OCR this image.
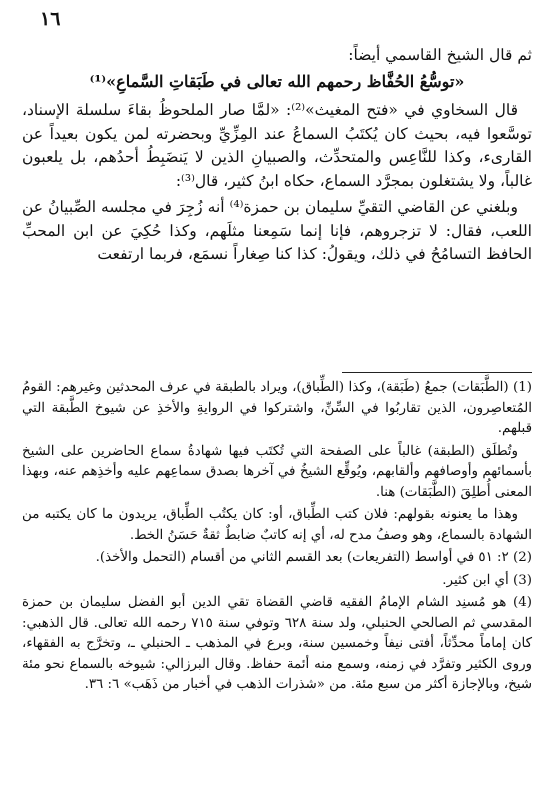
١٦

ثم قال الشيخ القاسمي أيضاً:

«توسُّعُ الحُفَّاظ رحمهم الله تعالى في طَبَقاتِ السَّماعِ»⁽¹⁾

قال السخاوي في «فتح المغيث»⁽²⁾: «لمَّا صار الملحوظُ بقاءَ سلسلة الإسناد، توسَّعوا فيه، بحيث كان يُكتَبُ السماعُ عند المِزِّيِّ وبحضرته لمن يكون بعيداً عن القارىء، وكذا للنَّاعِس والمتحدِّث، والصبيانِ الذين لا يَنضَبِطُ أحدُهم، بل يلعبون غالباً، ولا يشتغلون بمجرَّد السماع، حكاه ابنُ كثير، قال⁽³⁾:

وبلغني عن القاضي التقيِّ سليمان بن حمزة⁽⁴⁾ أنه زُجِرَ في مجلسه الصِّبيانُ عن اللعب، فقال: لا تزجروهم، فإنا إنما سَمِعنا مثلَهم، وكذا حُكِيَ عن ابن المحبِّ الحافظ التسامُحُ في ذلك، ويقولُ: كذا كنا صِغاراً نسمَع، فربما ارتفعت

(1) (الطَّبَقات) جمعُ (طَبَقة)، وكذا (الطِّباق)، ويراد بالطبقة في عرف المحدثين وغيرهم: القومُ المُتعاصِرون، الذين تقاربُوا في السِّنِّ، واشتركوا في الروايةِ والأخذِ عن شيوخ الطَّبقة التي قبلهم.

وتُطلَق (الطبقة) غالباً على الصفحة التي تُكتَب فيها شهادةُ سماع الحاضرين على الشيخ بأسمائهم وأوصافهم وألقابهم، ويُوقِّع الشيخُ في آخرها بصدق سماعِهم عليه وأخذِهم عنه، وبهذا المعنى أُطلِقَ (الطَّبَقات) هنا.

وهذا ما يعنونه بقولهم: فلان كتب الطِّباق، أو: كان يكتُب الطِّباق، يريدون ما كان يكتبه من الشهادة بالسماع، وهو وصفُ مدح له، أي إنه كاتبٌ ضابطٌ ثقةٌ حَسَنُ الخط.

(2) ٢: ٥١ في أواسط (التفريعات) بعد القسم الثاني من أقسام (التحمل والأخذ).

(3) أي ابن كثير.

(4) هو مُسنِد الشام الإمامُ الفقيه قاضي القضاة تقي الدين أبو الفضل سليمان بن حمزة المقدسي ثم الصالحي الحنبلي، ولد سنة ٦٢٨ وتوفي سنة ٧١٥ رحمه الله تعالى. قال الذهبي: كان إماماً محدِّثاً، أفتى نيفاً وخمسين سنة، وبرع في المذهب ـ الحنبلي ـ، وتخرَّج به الفقهاء، وروى الكثير وتفرَّد في زمنه، وسمع منه أئمة حفاظ. وقال البرزالي: شيوخه بالسماع نحو مئة شيخ، وبالإجازة أكثر من سبع مئة. من «شذرات الذهب في أخبار من ذَهَب» ٦: ٣٦.
